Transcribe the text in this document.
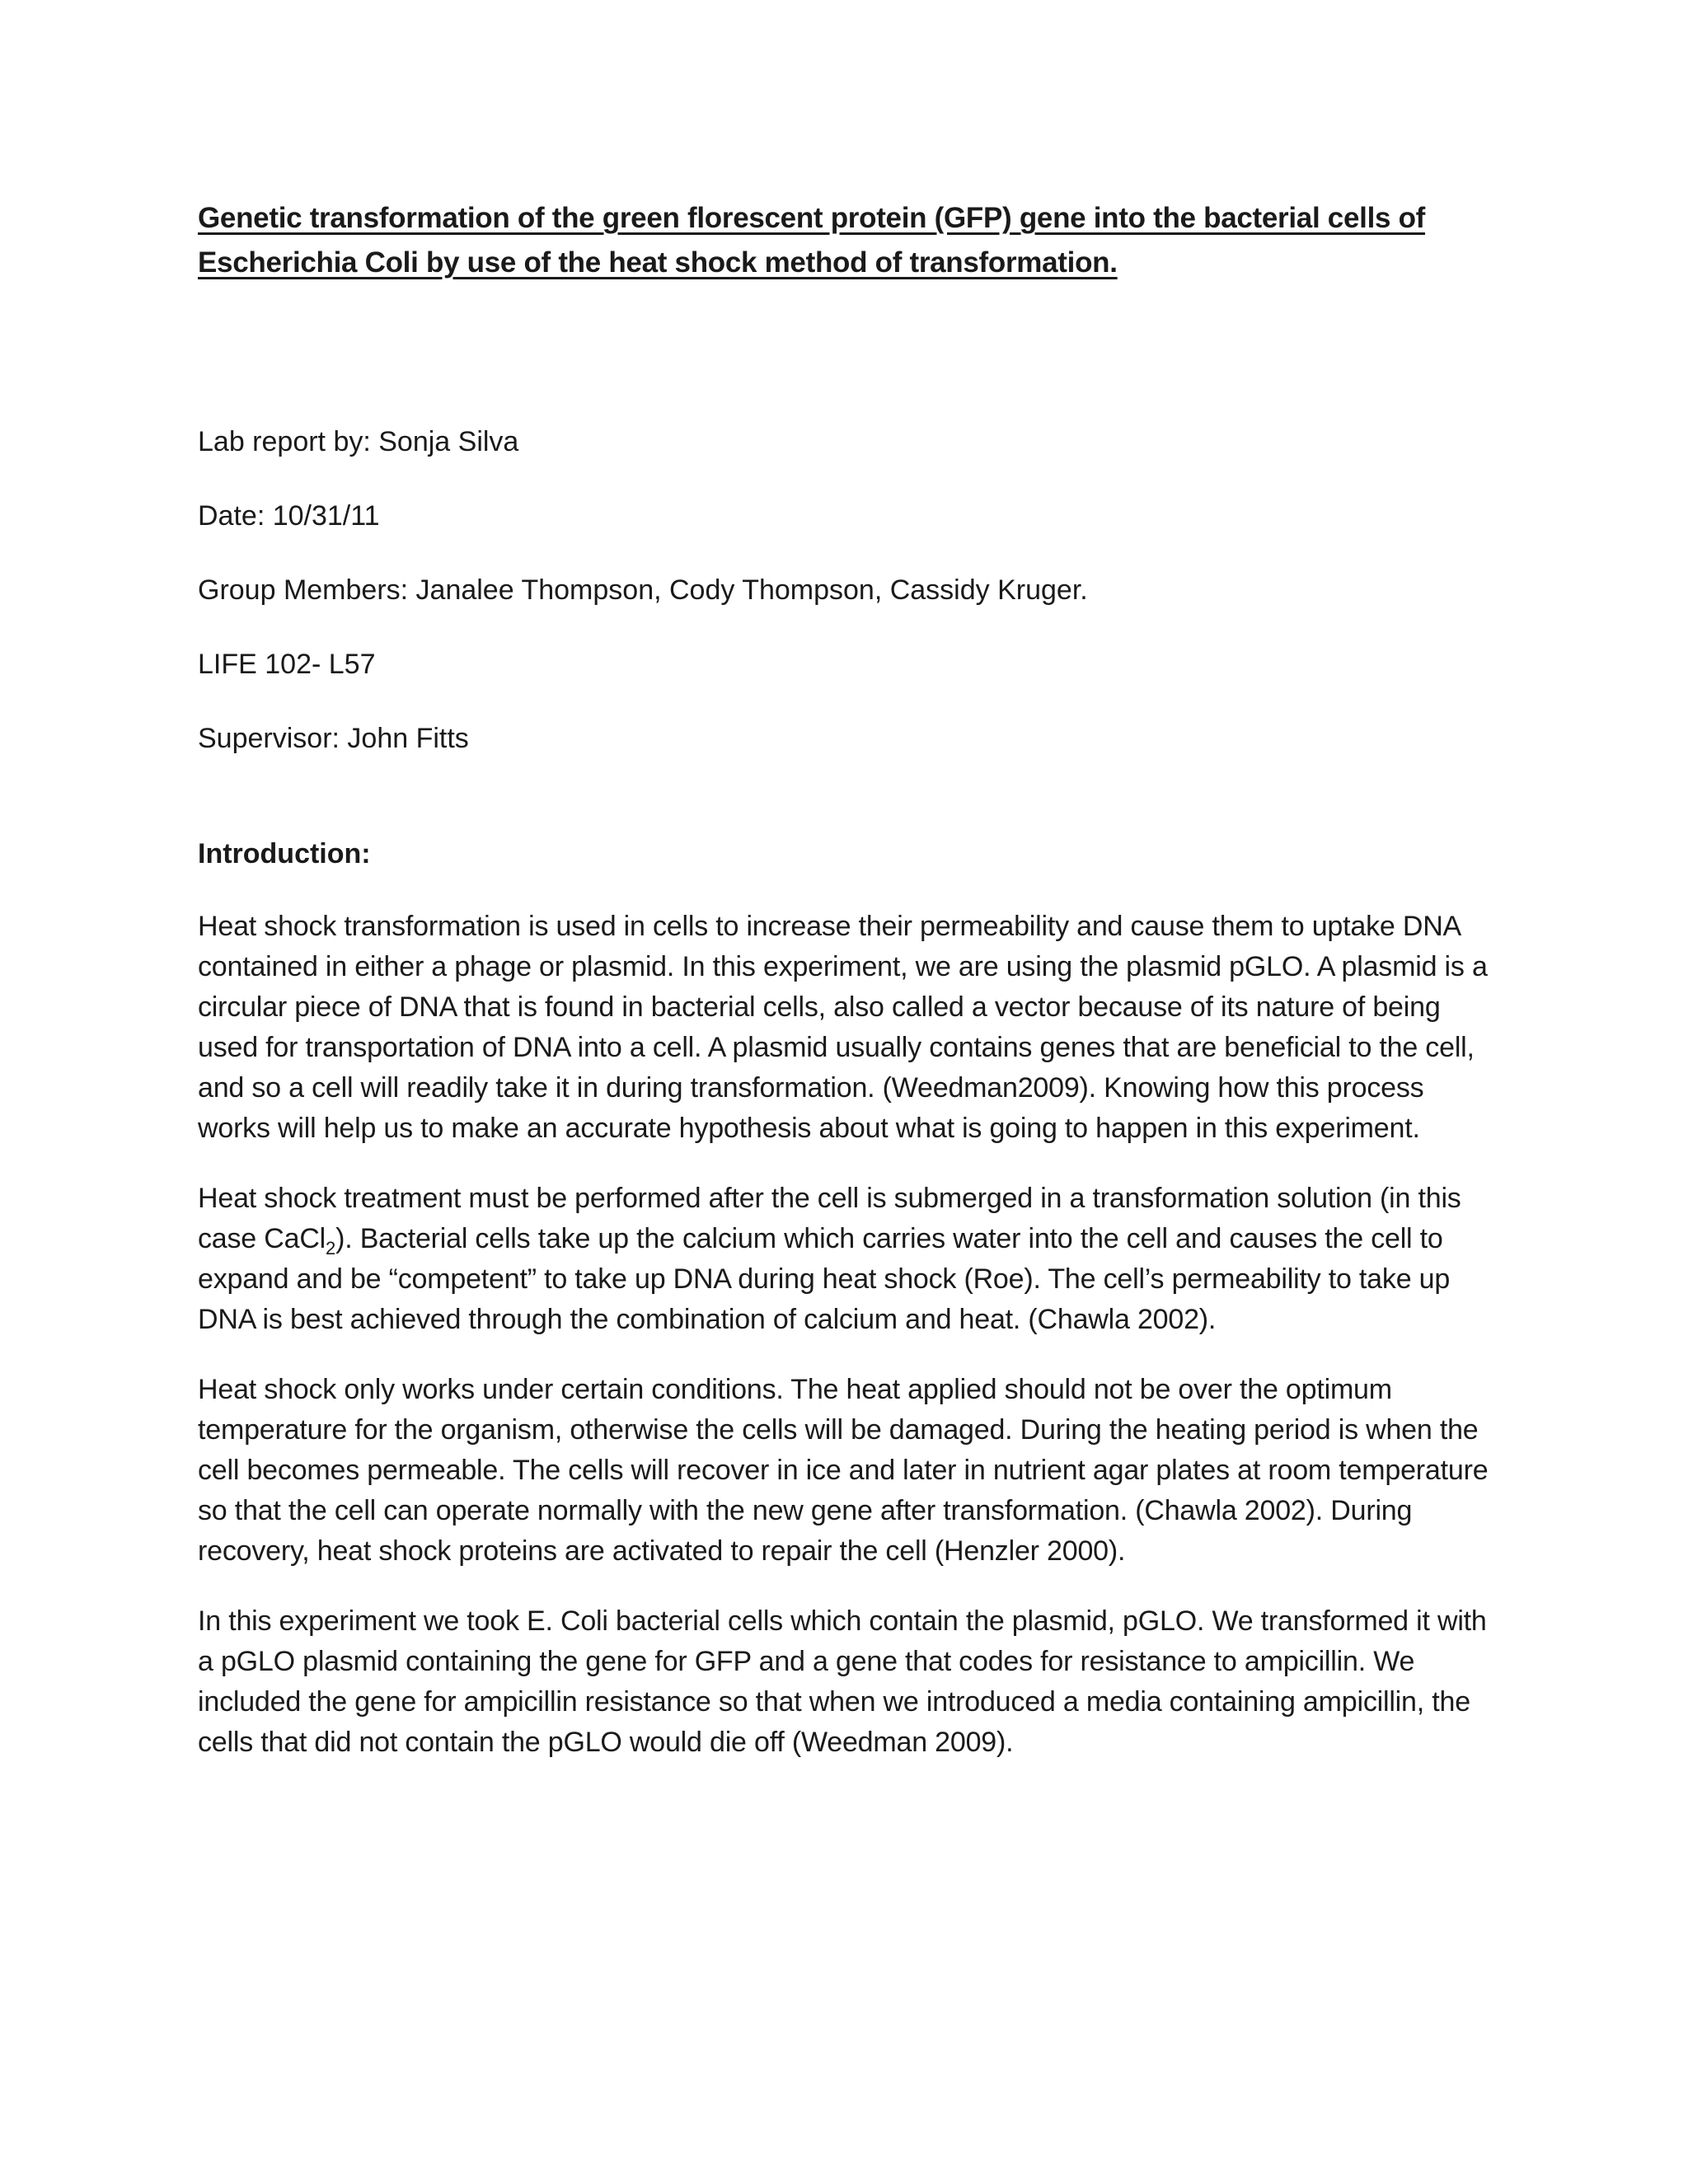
Genetic transformation of the green florescent protein (GFP) gene into the bacterial cells of
Escherichia Coli by use of the heat shock method of transformation.

Lab report by: Sonja Silva

Date: 10/31/11

Group Members: Janalee Thompson, Cody Thompson, Cassidy Kruger.

LIFE 102- L57

Supervisor: John Fitts

Introduction:

Heat shock transformation is used in cells to increase their permeability and cause them to uptake DNA contained in either a phage or plasmid. In this experiment, we are using the plasmid pGLO. A plasmid is a circular piece of DNA that is found in bacterial cells, also called a vector because of its nature of being used for transportation of DNA into a cell. A plasmid usually contains genes that are beneficial to the cell, and so a cell will readily take it in during transformation. (Weedman2009). Knowing how this process works will help us to make an accurate hypothesis about what is going to happen in this experiment.

Heat shock treatment must be performed after the cell is submerged in a transformation solution (in this case CaCl$_2$). Bacterial cells take up the calcium which carries water into the cell and causes the cell to expand and be “competent” to take up DNA during heat shock (Roe). The cell’s permeability to take up DNA is best achieved through the combination of calcium and heat. (Chawla 2002).

Heat shock only works under certain conditions. The heat applied should not be over the optimum temperature for the organism, otherwise the cells will be damaged. During the heating period is when the cell becomes permeable. The cells will recover in ice and later in nutrient agar plates at room temperature so that the cell can operate normally with the new gene after transformation. (Chawla 2002). During recovery, heat shock proteins are activated to repair the cell (Henzler 2000).

In this experiment we took E. Coli bacterial cells which contain the plasmid, pGLO. We transformed it with a pGLO plasmid containing the gene for GFP and a gene that codes for resistance to ampicillin. We included the gene for ampicillin resistance so that when we introduced a media containing ampicillin, the cells that did not contain the pGLO would die off (Weedman 2009).
